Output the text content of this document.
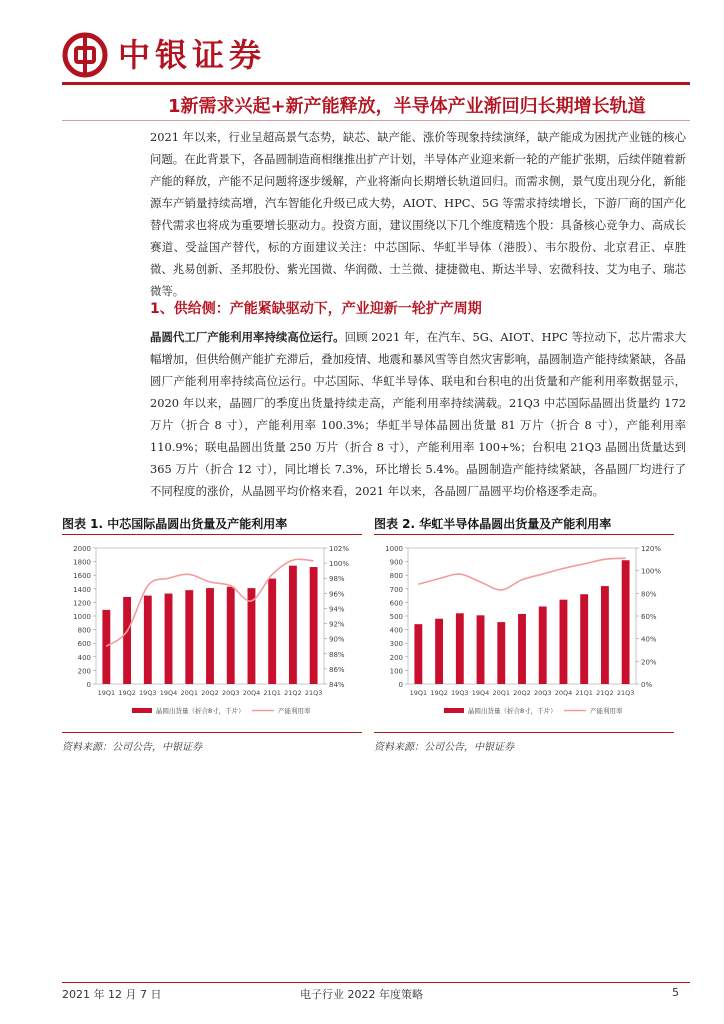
中银证券
1新需求兴起+新产能释放，半导体产业渐回归长期增长轨道
2021 年以来，行业呈超高景气态势，缺芯、缺产能、涨价等现象持续演绎，缺产能成为困扰产业链的核心问题。在此背景下，各晶圆制造商相继推出扩产计划，半导体产业迎来新一轮的产能扩张期，后续伴随着新产能的释放，产能不足问题将逐步缓解，产业将渐向长期增长轨道回归。而需求侧，景气度出现分化，新能源车产销量持续高增，汽车智能化升级已成大势，AIOT、HPC、5G 等需求持续增长，下游厂商的国产化替代需求也将成为重要增长驱动力。投资方面，建议围绕以下几个维度精选个股：具备核心竞争力、高成长赛道、受益国产替代，标的方面建议关注：中芯国际、华虹半导体（港股）、韦尔股份、北京君正、卓胜微、兆易创新、圣邦股份、紫光国微、华润微、士兰微、捷捷微电、斯达半导、宏微科技、艾为电子、瑞芯微等。
1、供给侧：产能紧缺驱动下，产业迎新一轮扩产周期
晶圆代工厂产能利用率持续高位运行。回顾 2021 年，在汽车、5G、AIOT、HPC 等拉动下，芯片需求大幅增加，但供给侧产能扩充滞后，叠加疫情、地震和暴风雪等自然灾害影响，晶圆制造产能持续紧缺，各晶圆厂产能利用率持续高位运行。中芯国际、华虹半导体、联电和台积电的出货量和产能利用率数据显示，2020 年以来，晶圆厂的季度出货量持续走高，产能利用率持续满载。21Q3 中芯国际晶圆出货量约 172 万片（折合 8 寸），产能利用率 100.3%；华虹半导体晶圆出货量 81 万片（折合 8 寸），产能利用率 110.9%；联电晶圆出货量 250 万片（折合 8 寸），产能利用率 100+%；台积电 21Q3 晶圆出货量达到 365 万片（折合 12 寸），同比增长 7.3%，环比增长 5.4%。晶圆制造产能持续紧缺，各晶圆厂均进行了不同程度的涨价，从晶圆平均价格来看，2021 年以来，各晶圆厂晶圆平均价格逐季走高。
图表 1. 中芯国际晶圆出货量及产能利用率
2000
1800
1600
1400
1200
1000
800
600
400
200
0
102%
100%
98%
96%
94%
92%
90%
88%
86%
84%
19Q1 19Q2 19Q3 19Q4 20Q1 20Q2 20Q3 20Q4 21Q1 21Q2 21Q3
晶圆出货量（折合8寸，千片）	产能利用率
资料来源：公司公告，中银证券
图表 2. 华虹半导体晶圆出货量及产能利用率
1000
900
800
700
600
500
400
300
200
100
0
120%
100%
80%
60%
40%
20%
0%
19Q1 19Q2 19Q3 19Q4 20Q1 20Q2 20Q3 20Q4 21Q1 21Q2 21Q3
晶圆出货量（折合8寸，千片）	产能利用率
资料来源：公司公告，中银证券
2021 年 12 月 7 日	电子行业 2022 年度策略	5
